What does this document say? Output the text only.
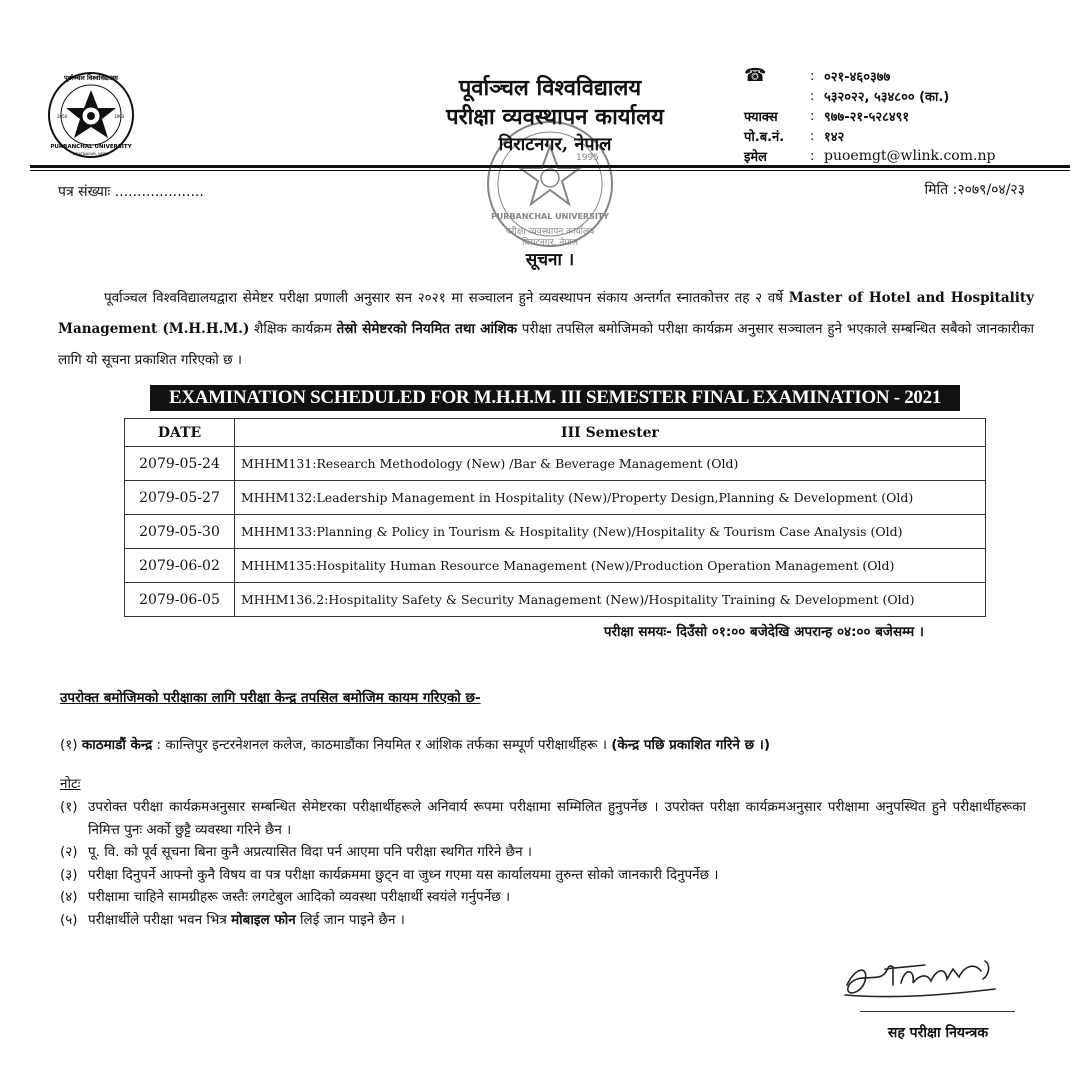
पूर्वाञ्चल विश्वविद्यालय
PURBANCHAL UNIVERSITY
BIRATNAGAR, NEPAL
2050	1993
पूर्वाञ्चल विश्वविद्यालय
परीक्षा व्यवस्थापन कार्यालय
विराटनगर, नेपाल
☎	: ०२१-४६०३७७
: ५३२०२२, ५३४८०० (का.)
फ्याक्स	: ९७७-२१-५२८४९१
पो.ब.नं.	: १४२
इमेल	: puoemgt@wlink.com.np
पत्र संख्याः ....................	मिति :२०७९/०४/२३
1995
PURBANCHAL UNIVERSITY
परीक्षा व्यवस्थापन कार्यालय
विराटनगर, नेपाल
सूचना ।
पूर्वाञ्चल विश्वविद्यालयद्वारा सेमेष्टर परीक्षा प्रणाली अनुसार सन २०२१ मा सञ्चालन हुने व्यवस्थापन संकाय अन्तर्गत स्नातकोत्तर तह २ वर्षे Master of Hotel and Hospitality Management (M.H.H.M.) शैक्षिक कार्यक्रम तेस्रो सेमेष्टरको नियमित तथा आंशिक परीक्षा तपसिल बमोजिमको परीक्षा कार्यक्रम अनुसार सञ्चालन हुने भएकाले सम्बन्धित सबैको जानकारीका लागि यो सूचना प्रकाशित गरिएको छ ।
EXAMINATION SCHEDULED FOR M.H.H.M. III SEMESTER FINAL EXAMINATION - 2021
DATE	III Semester
2079-05-24	MHHM131:Research Methodology (New) /Bar & Beverage Management (Old)
2079-05-27	MHHM132:Leadership Management in Hospitality (New)/Property Design,Planning & Development (Old)
2079-05-30	MHHM133:Planning & Policy in Tourism & Hospitality (New)/Hospitality & Tourism Case Analysis (Old)
2079-06-02	MHHM135:Hospitality Human Resource Management (New)/Production Operation Management (Old)
2079-06-05	MHHM136.2:Hospitality Safety & Security Management (New)/Hospitality Training & Development (Old)
परीक्षा समयः- दिउँसो ०१:०० बजेदेखि अपरान्ह ०४:०० बजेसम्म ।
उपरोक्त बमोजिमको परीक्षाका लागि परीक्षा केन्द्र तपसिल बमोजिम कायम गरिएको छ-
(१) काठमाडौं केन्द्र : कान्तिपुर इन्टरनेशनल कलेज, काठमाडौंका नियमित र आंशिक तर्फका सम्पूर्ण परीक्षार्थीहरू । (केन्द्र पछि प्रकाशित गरिने छ ।)
नोटः
(१) उपरोक्त परीक्षा कार्यक्रमअनुसार सम्बन्धित सेमेष्टरका परीक्षार्थीहरूले अनिवार्य रूपमा परीक्षामा सम्मिलित हुनुपर्नेछ । उपरोक्त परीक्षा कार्यक्रमअनुसार परीक्षामा अनुपस्थित हुने परीक्षार्थीहरूका निमित्त पुनः अर्को छुट्टै व्यवस्था गरिने छैन ।
(२) पू. वि. को पूर्व सूचना बिना कुनै अप्रत्यासित विदा पर्न आएमा पनि परीक्षा स्थगित गरिने छैन ।
(३) परीक्षा दिनुपर्ने आफ्नो कुनै विषय वा पत्र परीक्षा कार्यक्रममा छुट्न वा जुध्न गएमा यस कार्यालयमा तुरुन्त सोको जानकारी दिनुपर्नेछ ।
(४) परीक्षामा चाहिने सामग्रीहरू जस्तैः लगटेबुल आदिको व्यवस्था परीक्षार्थी स्वयंले गर्नुपर्नेछ ।
(५) परीक्षार्थीले परीक्षा भवन भित्र मोबाइल फोन लिई जान पाइने छैन ।
सह परीक्षा नियन्त्रक
